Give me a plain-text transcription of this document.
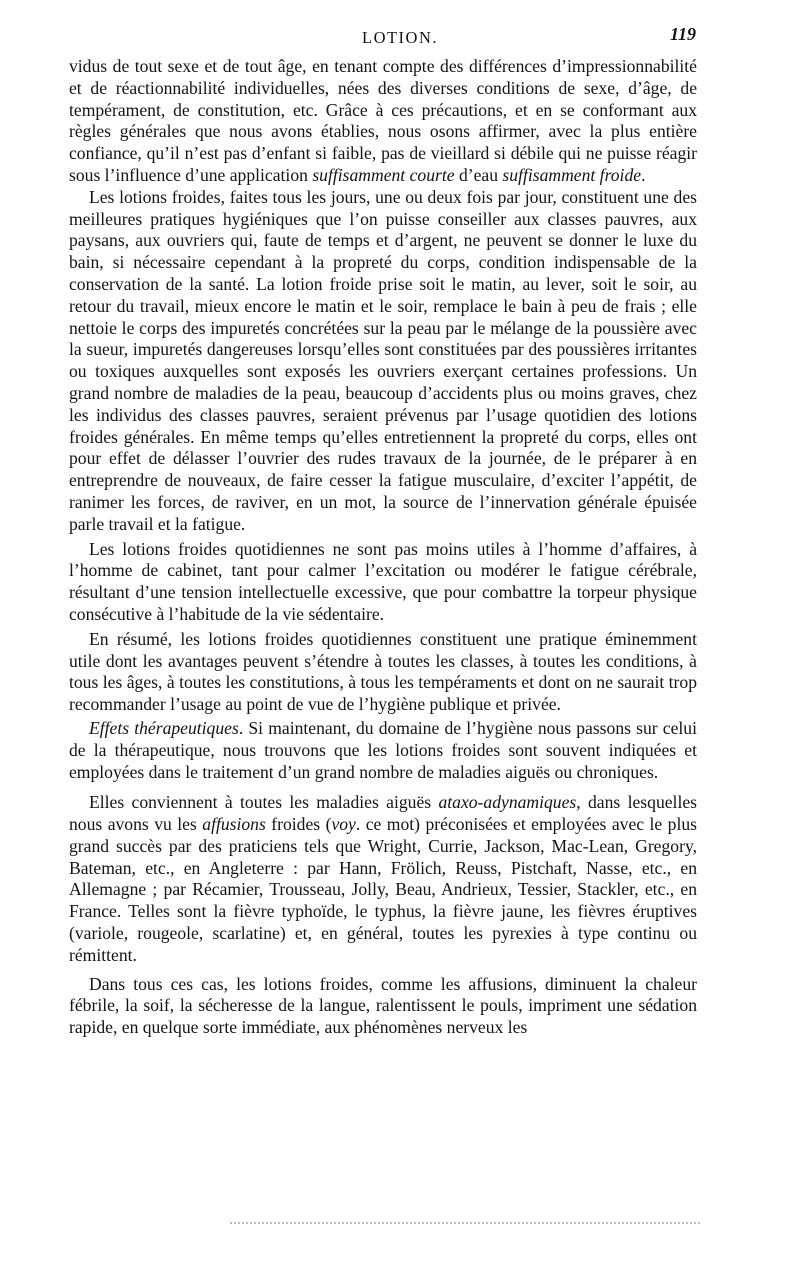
LOTION.	119

vidus de tout sexe et de tout âge, en tenant compte des différences d’impressionnabilité et de réactionnabilité individuelles, nées des diverses conditions de sexe, d’âge, de tempérament, de constitution, etc. Grâce à ces précautions, et en se conformant aux règles générales que nous avons établies, nous osons affirmer, avec la plus entière confiance, qu’il n’est pas d’enfant si faible, pas de vieillard si débile qui ne puisse réagir sous l’influence d’une application suffisamment courte d’eau suffisamment froide.

Les lotions froides, faites tous les jours, une ou deux fois par jour, constituent une des meilleures pratiques hygiéniques que l’on puisse conseiller aux classes pauvres, aux paysans, aux ouvriers qui, faute de temps et d’argent, ne peuvent se donner le luxe du bain, si nécessaire cependant à la propreté du corps, condition indispensable de la conservation de la santé. La lotion froide prise soit le matin, au lever, soit le soir, au retour du travail, mieux encore le matin et le soir, remplace le bain à peu de frais ; elle nettoie le corps des impuretés concrétées sur la peau par le mélange de la poussière avec la sueur, impuretés dangereuses lorsqu’elles sont constituées par des poussières irritantes ou toxiques auxquelles sont exposés les ouvriers exerçant certaines professions. Un grand nombre de maladies de la peau, beaucoup d’accidents plus ou moins graves, chez les individus des classes pauvres, seraient prévenus par l’usage quotidien des lotions froides générales. En même temps qu’elles entretiennent la propreté du corps, elles ont pour effet de délasser l’ouvrier des rudes travaux de la journée, de le préparer à en entreprendre de nouveaux, de faire cesser la fatigue musculaire, d’exciter l’appétit, de ranimer les forces, de raviver, en un mot, la source de l’innervation générale épuisée parle travail et la fatigue.

Les lotions froides quotidiennes ne sont pas moins utiles à l’homme d’affaires, à l’homme de cabinet, tant pour calmer l’excitation ou modérer le fatigue cérébrale, résultant d’une tension intellectuelle excessive, que pour combattre la torpeur physique consécutive à l’habitude de la vie sédentaire.

En résumé, les lotions froides quotidiennes constituent une pratique éminemment utile dont les avantages peuvent s’étendre à toutes les classes, à toutes les conditions, à tous les âges, à toutes les constitutions, à tous les tempéraments et dont on ne saurait trop recommander l’usage au point de vue de l’hygiène publique et privée.

Effets thérapeutiques. Si maintenant, du domaine de l’hygiène nous passons sur celui de la thérapeutique, nous trouvons que les lotions froides sont souvent indiquées et employées dans le traitement d’un grand nombre de maladies aiguës ou chroniques.

Elles conviennent à toutes les maladies aiguës ataxo-adynamiques, dans lesquelles nous avons vu les affusions froides (voy. ce mot) préconisées et employées avec le plus grand succès par des praticiens tels que Wright, Currie, Jackson, Mac-Lean, Gregory, Bateman, etc., en Angleterre : par Hann, Frölich, Reuss, Pistchaft, Nasse, etc., en Allemagne ; par Récamier, Trousseau, Jolly, Beau, Andrieux, Tessier, Stackler, etc., en France. Telles sont la fièvre typhoïde, le typhus, la fièvre jaune, les fièvres éruptives (variole, rougeole, scarlatine) et, en général, toutes les pyrexies à type continu ou rémittent.

Dans tous ces cas, les lotions froides, comme les affusions, diminuent la chaleur fébrile, la soif, la sécheresse de la langue, ralentissent le pouls, impriment une sédation rapide, en quelque sorte immédiate, aux phénomènes nerveux les
